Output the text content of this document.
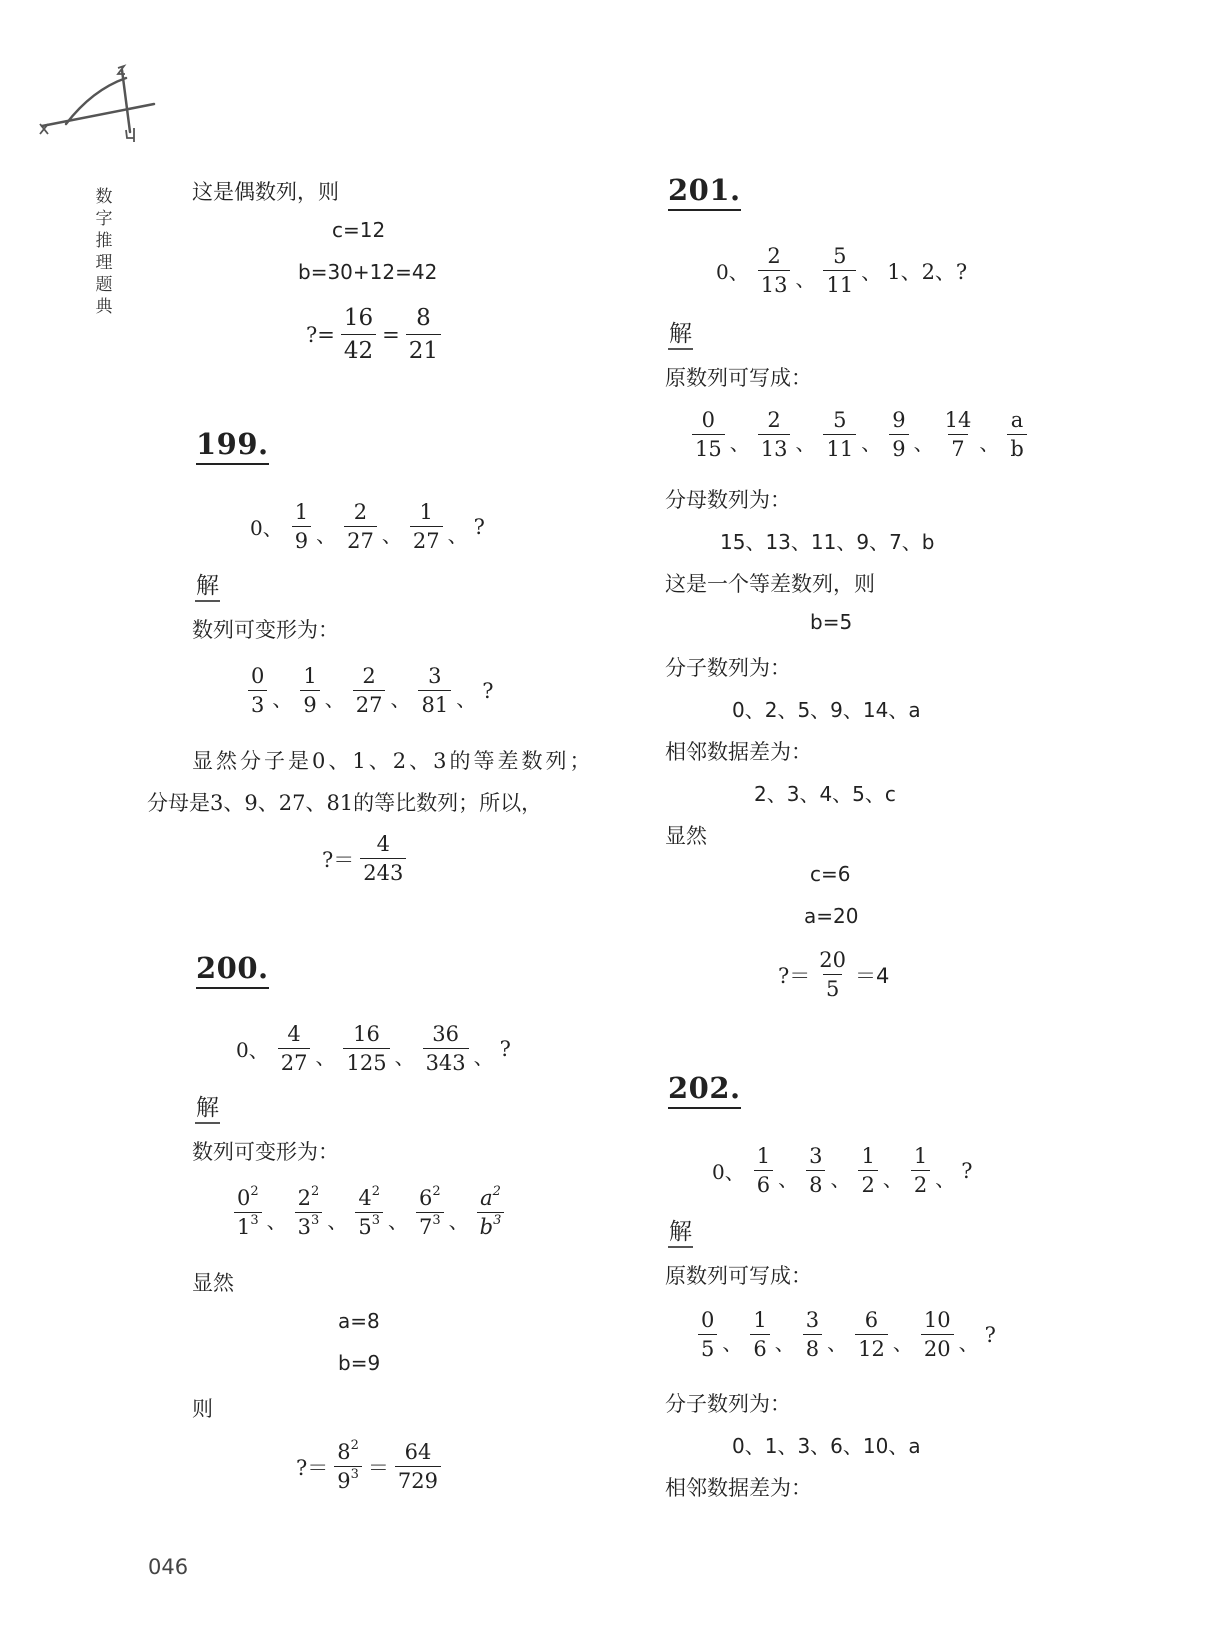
数
字
推
理
题
典
这是偶数列，则
c=12
b=30+12=42
?= $\frac{16}{42} = \frac{8}{21}$
199.
0、 $\frac{1}{9}$ 、 $\frac{2}{27}$ 、 $\frac{1}{27}$ 、 ?
解
数列可变形为：
$\frac{0}{3}$ 、 $\frac{1}{9}$ 、 $\frac{2}{27}$ 、 $\frac{3}{81}$ 、 ?
显然分子是0、1、2、3的等差数列；
分母是3、9、27、81的等比数列；所以，
?＝ $\frac{4}{243}$
200.
0、 $\frac{4}{27}$ 、 $\frac{16}{125}$ 、 $\frac{36}{343}$ 、 ?
解
数列可变形为：
$\frac{0^2}{1^3}$ 、 $\frac{2^2}{3^3}$ 、 $\frac{4^2}{5^3}$ 、 $\frac{6^2}{7^3}$ 、 $\frac{a^2}{b^3}$
显然
a=8
b=9
则
?＝ $\frac{8^2}{9^3} = \frac{64}{729}$
201.
0、 $\frac{2}{13}$ 、 $\frac{5}{11}$ 、 1、2、?
解
原数列可写成：
$\frac{0}{15}$ 、 $\frac{2}{13}$ 、 $\frac{5}{11}$ 、 $\frac{9}{9}$ 、 $\frac{14}{7}$ 、 $\frac{a}{b}$
分母数列为：
15、13、11、9、7、b
这是一个等差数列，则
b=5
分子数列为：
0、2、5、9、14、a
相邻数据差为：
2、3、4、5、c
显然
c=6
a=20
?＝ $\frac{20}{5} =4$
202.
0、 $\frac{1}{6}$ 、 $\frac{3}{8}$ 、 $\frac{1}{2}$ 、 $\frac{1}{2}$ 、 ?
解
原数列可写成：
$\frac{0}{5}$ 、 $\frac{1}{6}$ 、 $\frac{3}{8}$ 、 $\frac{6}{12}$ 、 $\frac{10}{20}$ 、 ?
分子数列为：
0、1、3、6、10、a
相邻数据差为：
046
